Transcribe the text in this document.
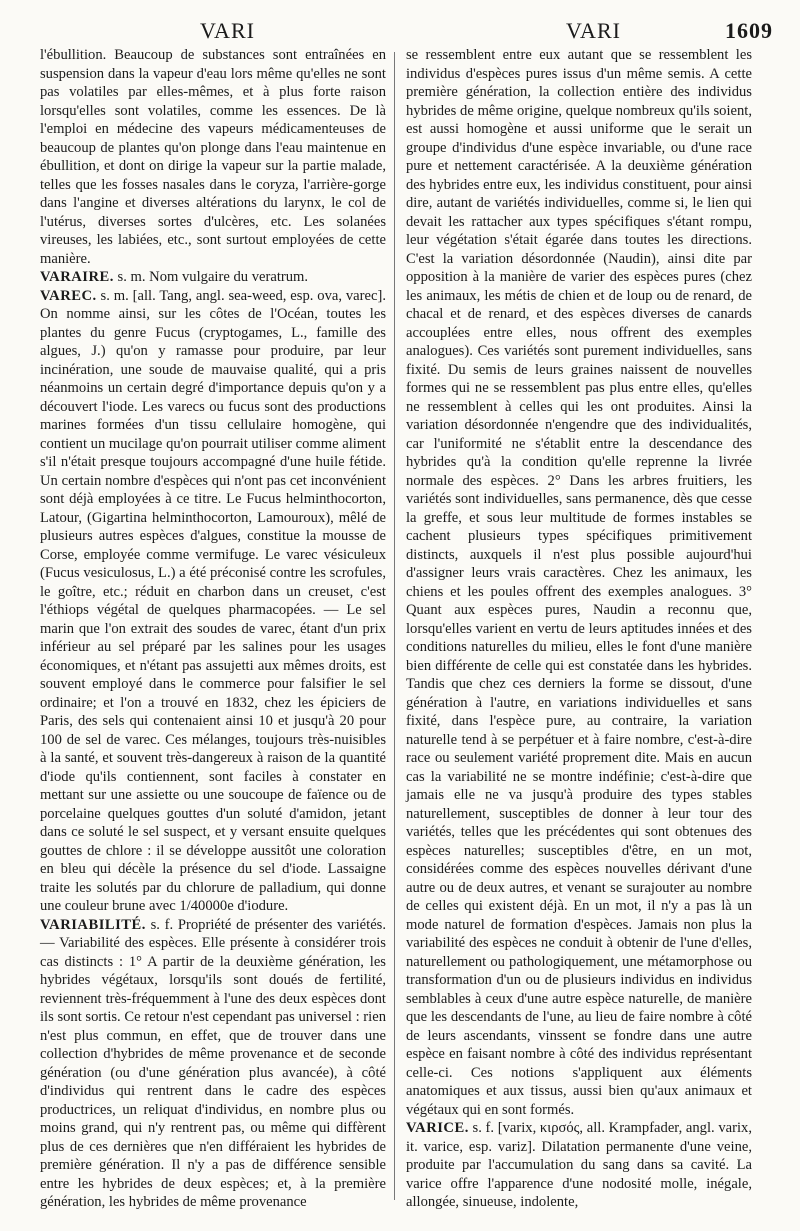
VARI	VARI	1609

l'ébullition. Beaucoup de substances sont entraînées en suspension dans la vapeur d'eau lors même qu'elles ne sont pas volatiles par elles-mêmes, et à plus forte raison lorsqu'elles sont volatiles, comme les essences. De là l'emploi en médecine des vapeurs médicamenteuses de beaucoup de plantes qu'on plonge dans l'eau maintenue en ébullition, et dont on dirige la vapeur sur la partie malade, telles que les fosses nasales dans le coryza, l'arrière-gorge dans l'angine et diverses altérations du larynx, le col de l'utérus, diverses sortes d'ulcères, etc. Les solanées vireuses, les labiées, etc., sont surtout employées de cette manière.

VARAIRE. s. m. Nom vulgaire du veratrum.

VAREC. s. m. [all. Tang, angl. sea-weed, esp. ova, varec]. On nomme ainsi, sur les côtes de l'Océan, toutes les plantes du genre Fucus (cryptogames, L., famille des algues, J.) qu'on y ramasse pour produire, par leur incinération, une soude de mauvaise qualité, qui a pris néanmoins un certain degré d'importance depuis qu'on y a découvert l'iode. Les varecs ou fucus sont des productions marines formées d'un tissu cellulaire homogène, qui contient un mucilage qu'on pourrait utiliser comme aliment s'il n'était presque toujours accompagné d'une huile fétide. Un certain nombre d'espèces qui n'ont pas cet inconvénient sont déjà employées à ce titre. Le Fucus helminthocorton, Latour, (Gigartina helminthocorton, Lamouroux), mêlé de plusieurs autres espèces d'algues, constitue la mousse de Corse, employée comme vermifuge. Le varec vésiculeux (Fucus vesiculosus, L.) a été préconisé contre les scrofules, le goître, etc.; réduit en charbon dans un creuset, c'est l'éthiops végétal de quelques pharmacopées. — Le sel marin que l'on extrait des soudes de varec, étant d'un prix inférieur au sel préparé par les salines pour les usages économiques, et n'étant pas assujetti aux mêmes droits, est souvent employé dans le commerce pour falsifier le sel ordinaire; et l'on a trouvé en 1832, chez les épiciers de Paris, des sels qui contenaient ainsi 10 et jusqu'à 20 pour 100 de sel de varec. Ces mélanges, toujours très-nuisibles à la santé, et souvent très-dangereux à raison de la quantité d'iode qu'ils contiennent, sont faciles à constater en mettant sur une assiette ou une soucoupe de faïence ou de porcelaine quelques gouttes d'un soluté d'amidon, jetant dans ce soluté le sel suspect, et y versant ensuite quelques gouttes de chlore : il se développe aussitôt une coloration en bleu qui décèle la présence du sel d'iode. Lassaigne traite les solutés par du chlorure de palladium, qui donne une couleur brune avec 1/40000e d'iodure.

VARIABILITÉ. s. f. Propriété de présenter des variétés. — Variabilité des espèces. Elle présente à considérer trois cas distincts : 1° A partir de la deuxième génération, les hybrides végétaux, lorsqu'ils sont doués de fertilité, reviennent très-fréquemment à l'une des deux espèces dont ils sont sortis. Ce retour n'est cependant pas universel : rien n'est plus commun, en effet, que de trouver dans une collection d'hybrides de même provenance et de seconde génération (ou d'une génération plus avancée), à côté d'individus qui rentrent dans le cadre des espèces productrices, un reliquat d'individus, en nombre plus ou moins grand, qui n'y rentrent pas, ou même qui diffèrent plus de ces dernières que n'en différaient les hybrides de première génération. Il n'y a pas de différence sensible entre les hybrides de deux espèces; et, à la première génération, les hybrides de même provenance

se ressemblent entre eux autant que se ressemblent les individus d'espèces pures issus d'un même semis. A cette première génération, la collection entière des individus hybrides de même origine, quelque nombreux qu'ils soient, est aussi homogène et aussi uniforme que le serait un groupe d'individus d'une espèce invariable, ou d'une race pure et nettement caractérisée. A la deuxième génération des hybrides entre eux, les individus constituent, pour ainsi dire, autant de variétés individuelles, comme si, le lien qui devait les rattacher aux types spécifiques s'étant rompu, leur végétation s'était égarée dans toutes les directions. C'est la variation désordonnée (Naudin), ainsi dite par opposition à la manière de varier des espèces pures (chez les animaux, les métis de chien et de loup ou de renard, de chacal et de renard, et des espèces diverses de canards accouplées entre elles, nous offrent des exemples analogues). Ces variétés sont purement individuelles, sans fixité. Du semis de leurs graines naissent de nouvelles formes qui ne se ressemblent pas plus entre elles, qu'elles ne ressemblent à celles qui les ont produites. Ainsi la variation désordonnée n'engendre que des individualités, car l'uniformité ne s'établit entre la descendance des hybrides qu'à la condition qu'elle reprenne la livrée normale des espèces. 2° Dans les arbres fruitiers, les variétés sont individuelles, sans permanence, dès que cesse la greffe, et sous leur multitude de formes instables se cachent plusieurs types spécifiques primitivement distincts, auxquels il n'est plus possible aujourd'hui d'assigner leurs vrais caractères. Chez les animaux, les chiens et les poules offrent des exemples analogues. 3° Quant aux espèces pures, Naudin a reconnu que, lorsqu'elles varient en vertu de leurs aptitudes innées et des conditions naturelles du milieu, elles le font d'une manière bien différente de celle qui est constatée dans les hybrides. Tandis que chez ces derniers la forme se dissout, d'une génération à l'autre, en variations individuelles et sans fixité, dans l'espèce pure, au contraire, la variation naturelle tend à se perpétuer et à faire nombre, c'est-à-dire race ou seulement variété proprement dite. Mais en aucun cas la variabilité ne se montre indéfinie; c'est-à-dire que jamais elle ne va jusqu'à produire des types stables naturellement, susceptibles de donner à leur tour des variétés, telles que les précédentes qui sont obtenues des espèces naturelles; susceptibles d'être, en un mot, considérées comme des espèces nouvelles dérivant d'une autre ou de deux autres, et venant se surajouter au nombre de celles qui existent déjà. En un mot, il n'y a pas là un mode naturel de formation d'espèces. Jamais non plus la variabilité des espèces ne conduit à obtenir de l'une d'elles, naturellement ou pathologiquement, une métamorphose ou transformation d'un ou de plusieurs individus en individus semblables à ceux d'une autre espèce naturelle, de manière que les descendants de l'une, au lieu de faire nombre à côté de leurs ascendants, vinssent se fondre dans une autre espèce en faisant nombre à côté des individus représentant celle-ci. Ces notions s'appliquent aux éléments anatomiques et aux tissus, aussi bien qu'aux animaux et végétaux qui en sont formés.

VARICE. s. f. [varix, κιρσός, all. Krampfader, angl. varix, it. varice, esp. variz]. Dilatation permanente d'une veine, produite par l'accumulation du sang dans sa cavité. La varice offre l'apparence d'une nodosité molle, inégale, allongée, sinueuse, indolente,
